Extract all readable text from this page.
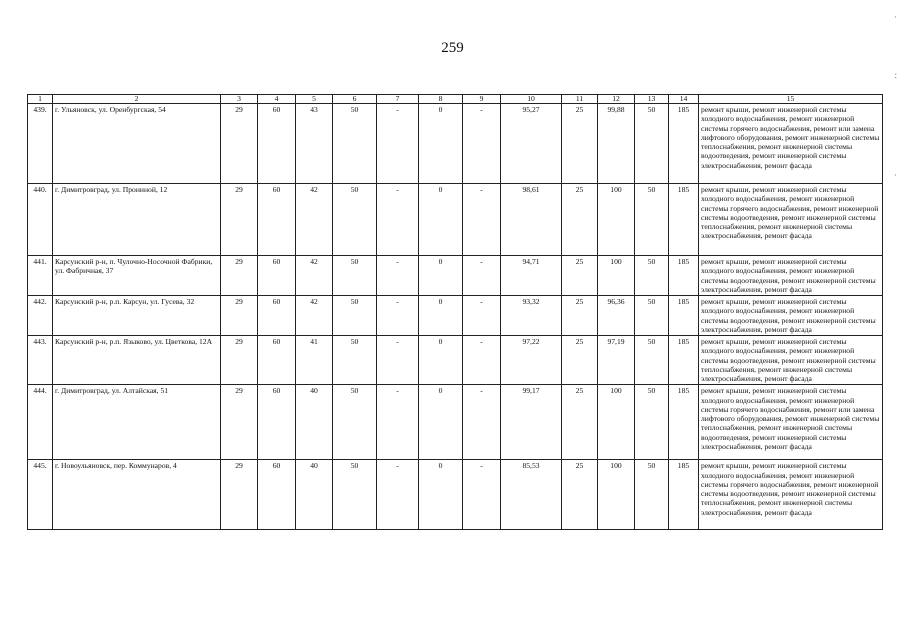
259
1	2	3	4	5	6	7	8	9	10	11	12	13	14	15
439.	г. Ульяновск, ул. Оренбургская, 54	29	60	43	50	-	0	-	95,27	25	99,88	50	185	ремонт крыши, ремонт инженерной системы холодного водоснабжения, ремонт инженерной системы горячего водоснабжения, ремонт или замена лифтового оборудования, ремонт инженерной системы теплоснабжения, ремонт инженерной системы водоотведения, ремонт инженерной системы электроснабжения, ремонт фасада
440.	г. Димитровград, ул. Прониной, 12	29	60	42	50	-	0	-	98,61	25	100	50	185	ремонт крыши, ремонт инженерной системы холодного водоснабжения, ремонт инженерной системы горячего водоснабжения, ремонт инженерной системы водоотведения, ремонт инженерной системы теплоснабжения, ремонт инженерной системы электроснабжения, ремонт фасада
441.	Карсунский р-н, п. Чулочно-Носочной Фабрики, ул. Фабричная, 37	29	60	42	50	-	0	-	94,71	25	100	50	185	ремонт крыши, ремонт инженерной системы холодного водоснабжения, ремонт инженерной системы водоотведения, ремонт инженерной системы электроснабжения, ремонт фасада
442.	Карсунский р-н, р.п. Карсун, ул. Гусева, 32	29	60	42	50	-	0	-	93,32	25	96,36	50	185	ремонт крыши, ремонт инженерной системы холодного водоснабжения, ремонт инженерной системы водоотведения, ремонт инженерной системы электроснабжения, ремонт фасада
443.	Карсунский р-н, р.п. Языково, ул. Цветкова, 12А	29	60	41	50	-	0	-	97,22	25	97,19	50	185	ремонт крыши, ремонт инженерной системы холодного водоснабжения, ремонт инженерной системы водоотведения, ремонт инженерной системы теплоснабжения, ремонт инженерной системы электроснабжения, ремонт фасада
444.	г. Димитровград, ул. Алтайская, 51	29	60	40	50	-	0	-	99,17	25	100	50	185	ремонт крыши, ремонт инженерной системы холодного водоснабжения, ремонт инженерной системы горячего водоснабжения, ремонт или замена лифтового оборудования, ремонт инженерной системы теплоснабжения, ремонт инженерной системы водоотведения, ремонт инженерной системы электроснабжения, ремонт фасада
445.	г. Новоульяновск, пер. Коммунаров, 4	29	60	40	50	-	0	-	85,53	25	100	50	185	ремонт крыши, ремонт инженерной системы холодного водоснабжения, ремонт инженерной системы горячего водоснабжения, ремонт инженерной системы водоотведения, ремонт инженерной системы теплоснабжения, ремонт инженерной системы электроснабжения, ремонт фасада
·
:
·
